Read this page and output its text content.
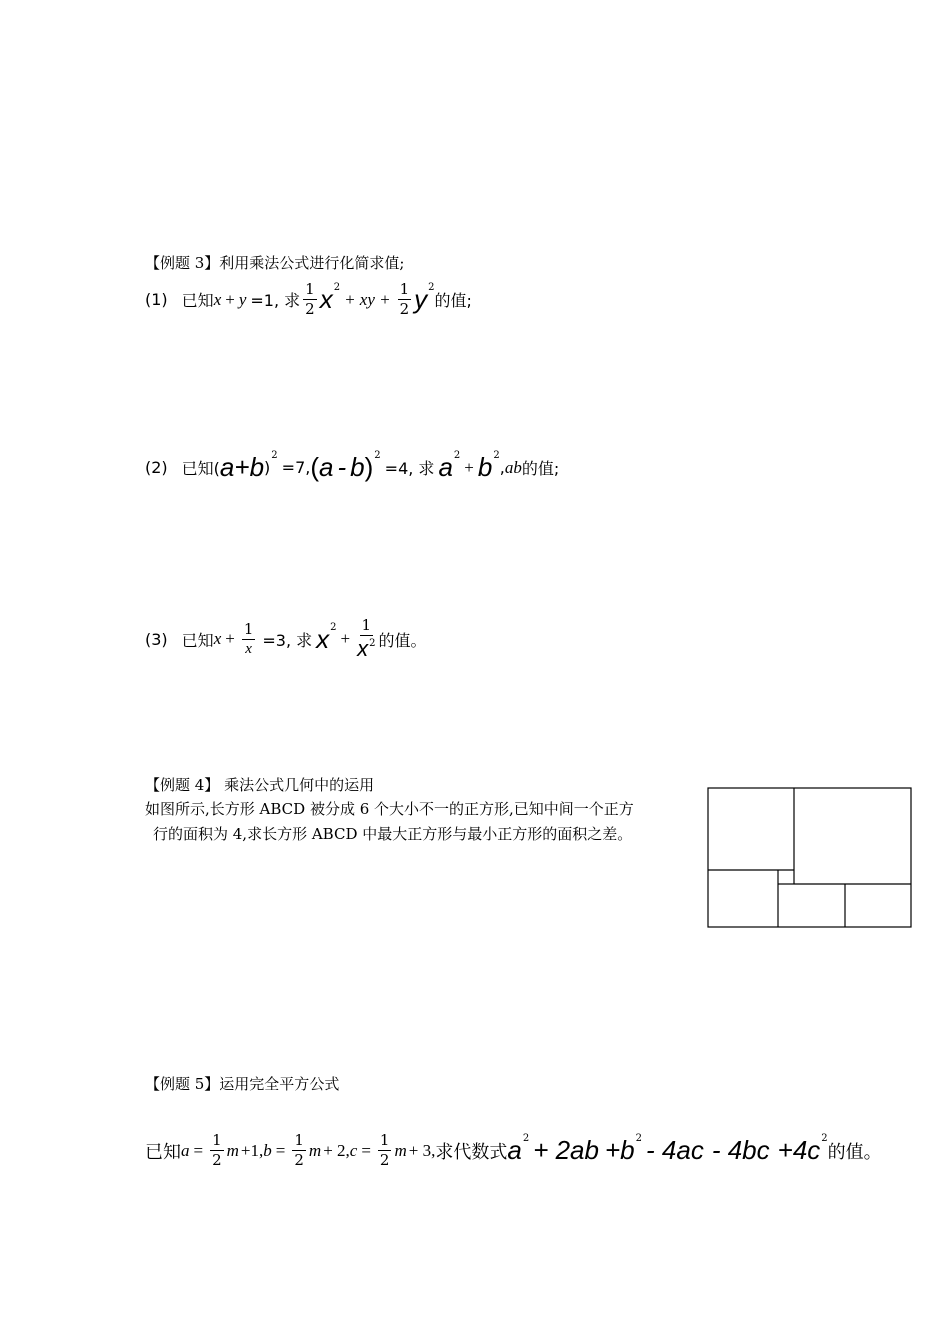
【例题 3】利用乘法公式进行化简求值;
(1) 已知 x + y =1, 求 $\frac{1}{2}$ x 2
+ xy + $\frac{1}{2}$ y 2
的值;
(2) 已知( a + b )
2
=7, ( a - b ) 2
=4, 求 a 2
+ b 2
, ab 的值;
(3) 已知 $x + \frac{1}{x} =3$, 求 x 2
+ $\frac{1}{x^2}$ 的值。
【例题 4】 乘法公式几何中的运用
如图所示,长方形 ABCD 被分成 6 个大小不一的正方形,已知中间一个正方
行的面积为 4,求长方形 ABCD 中最大正方形与最小正方形的面积之差。
【例题 5】运用完全平方公式
已知 $a = \frac{1}{2}$ m +1, $b = \frac{1}{2}$ m + 2, $c = \frac{1}{2}$ m + 3, 求代数式 a 2 + 2ab +b 2 - 4ac - 4bc +4c 2
的值。
